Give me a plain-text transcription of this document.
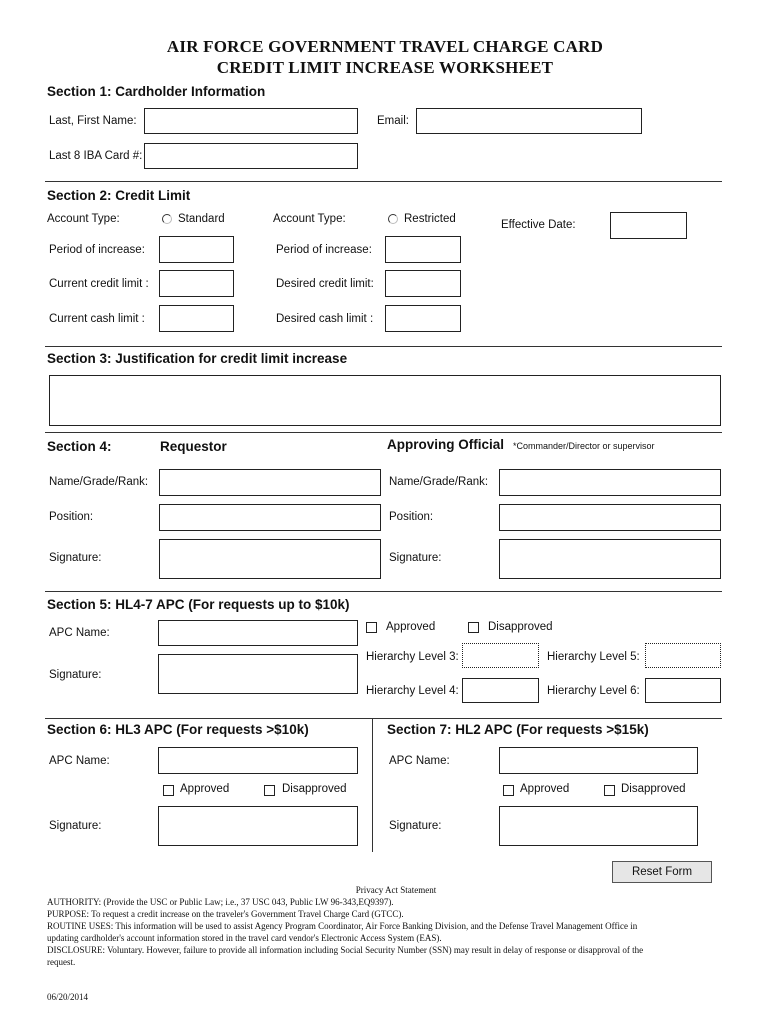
AIR FORCE GOVERNMENT TRAVEL CHARGE CARD
CREDIT LIMIT INCREASE WORKSHEET
Section 1: Cardholder Information
Last, First Name:	Email:
Last 8 IBA Card #:
Section 2: Credit Limit
Account Type:	Standard	Account Type:	Restricted	Effective Date:
Period of increase:	Period of increase:
Current credit limit :	Desired credit limit:
Current cash limit :	Desired cash limit :
Section 3: Justification for credit limit increase
Section 4:	Requestor	Approving Official *Commander/Director or supervisor
Name/Grade/Rank:	Name/Grade/Rank:
Position:	Position:
Signature:	Signature:
Section 5: HL4-7 APC (For requests up to $10k)
APC Name:	Approved	Disapproved
Signature:
Hierarchy Level 3:	Hierarchy Level 5:
Hierarchy Level 4:	Hierarchy Level 6:
Section 6: HL3 APC (For requests >$10k)
APC Name:
Approved	Disapproved
Signature:
Section 7: HL2 APC (For requests >$15k)
APC Name:
Approved	Disapproved
Signature:
Reset Form
Privacy Act Statement
AUTHORITY: (Provide the USC or Public Law; i.e., 37 USC 043, Public LW 96-343,EQ9397).
PURPOSE: To request a credit increase on the traveler's Government Travel Charge Card (GTCC).
ROUTINE USES: This information will be used to assist Agency Program Coordinator, Air Force Banking Division, and the Defense Travel Management Office in
updating cardholder's account information stored in the travel card vendor's Electronic Access System (EAS).
DISCLOSURE: Voluntary. However, failure to provide all information including Social Security Number (SSN) may result in delay of response or disapproval of the
request.
06/20/2014
